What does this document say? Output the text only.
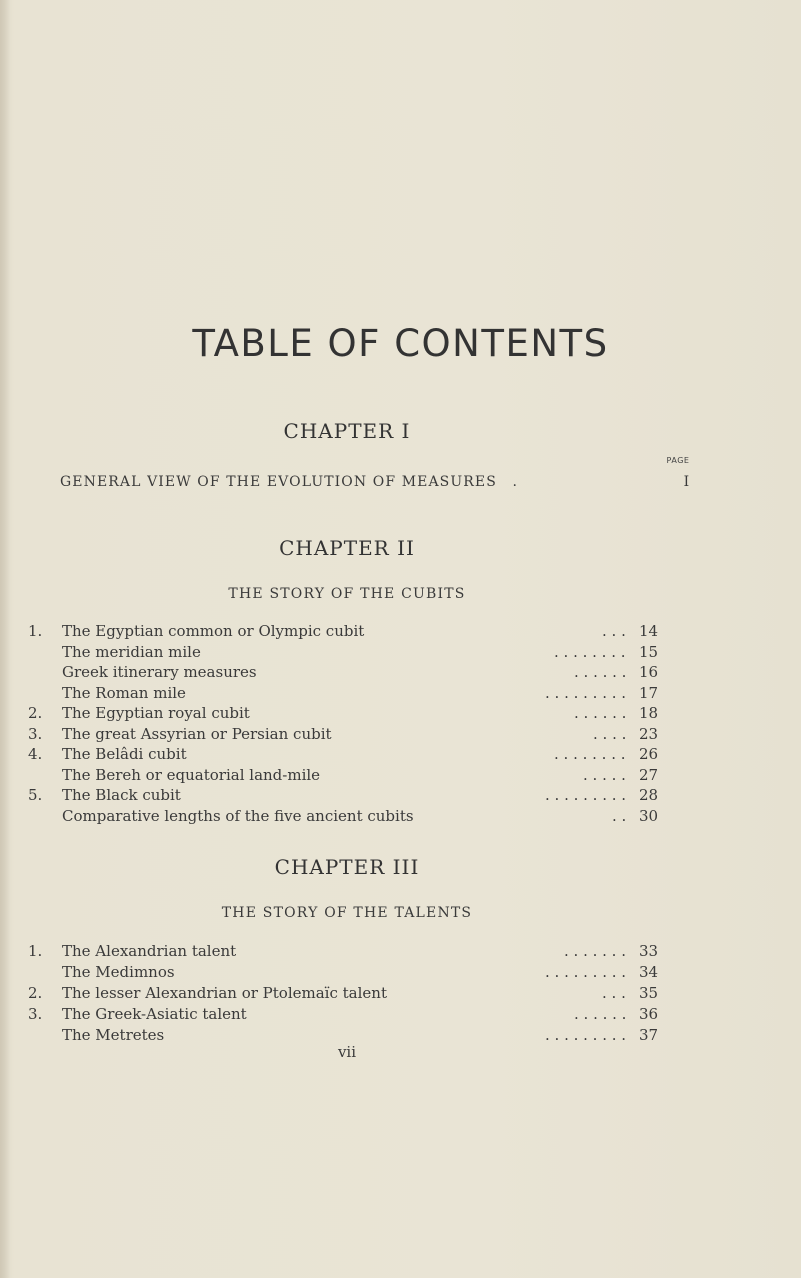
TABLE OF CONTENTS
CHAPTER I
PAGE
GENERAL VIEW OF THE EVOLUTION OF MEASURES .	I
CHAPTER II
THE STORY OF THE CUBITS
1.	The Egyptian common or Olympic cubit	. . . 14
The meridian mile	. . . . . . . . 15
Greek itinerary measures	. . . . . . 16
The Roman mile	. . . . . . . . . 17
2.	The Egyptian royal cubit	. . . . . . 18
3.	The great Assyrian or Persian cubit	. . . . 23
4.	The Belâdi cubit	. . . . . . . . 26
The Bereh or equatorial land-mile	. . . . . 27
5.	The Black cubit	. . . . . . . . . 28
Comparative lengths of the five ancient cubits	. . 30
CHAPTER III
THE STORY OF THE TALENTS
1.	The Alexandrian talent	. . . . . . . 33
The Medimnos	. . . . . . . . . 34
2.	The lesser Alexandrian or Ptolemaïc talent	. . . 35
3.	The Greek-Asiatic talent	. . . . . . 36
The Metretes	. . . . . . . . . 37
vii
